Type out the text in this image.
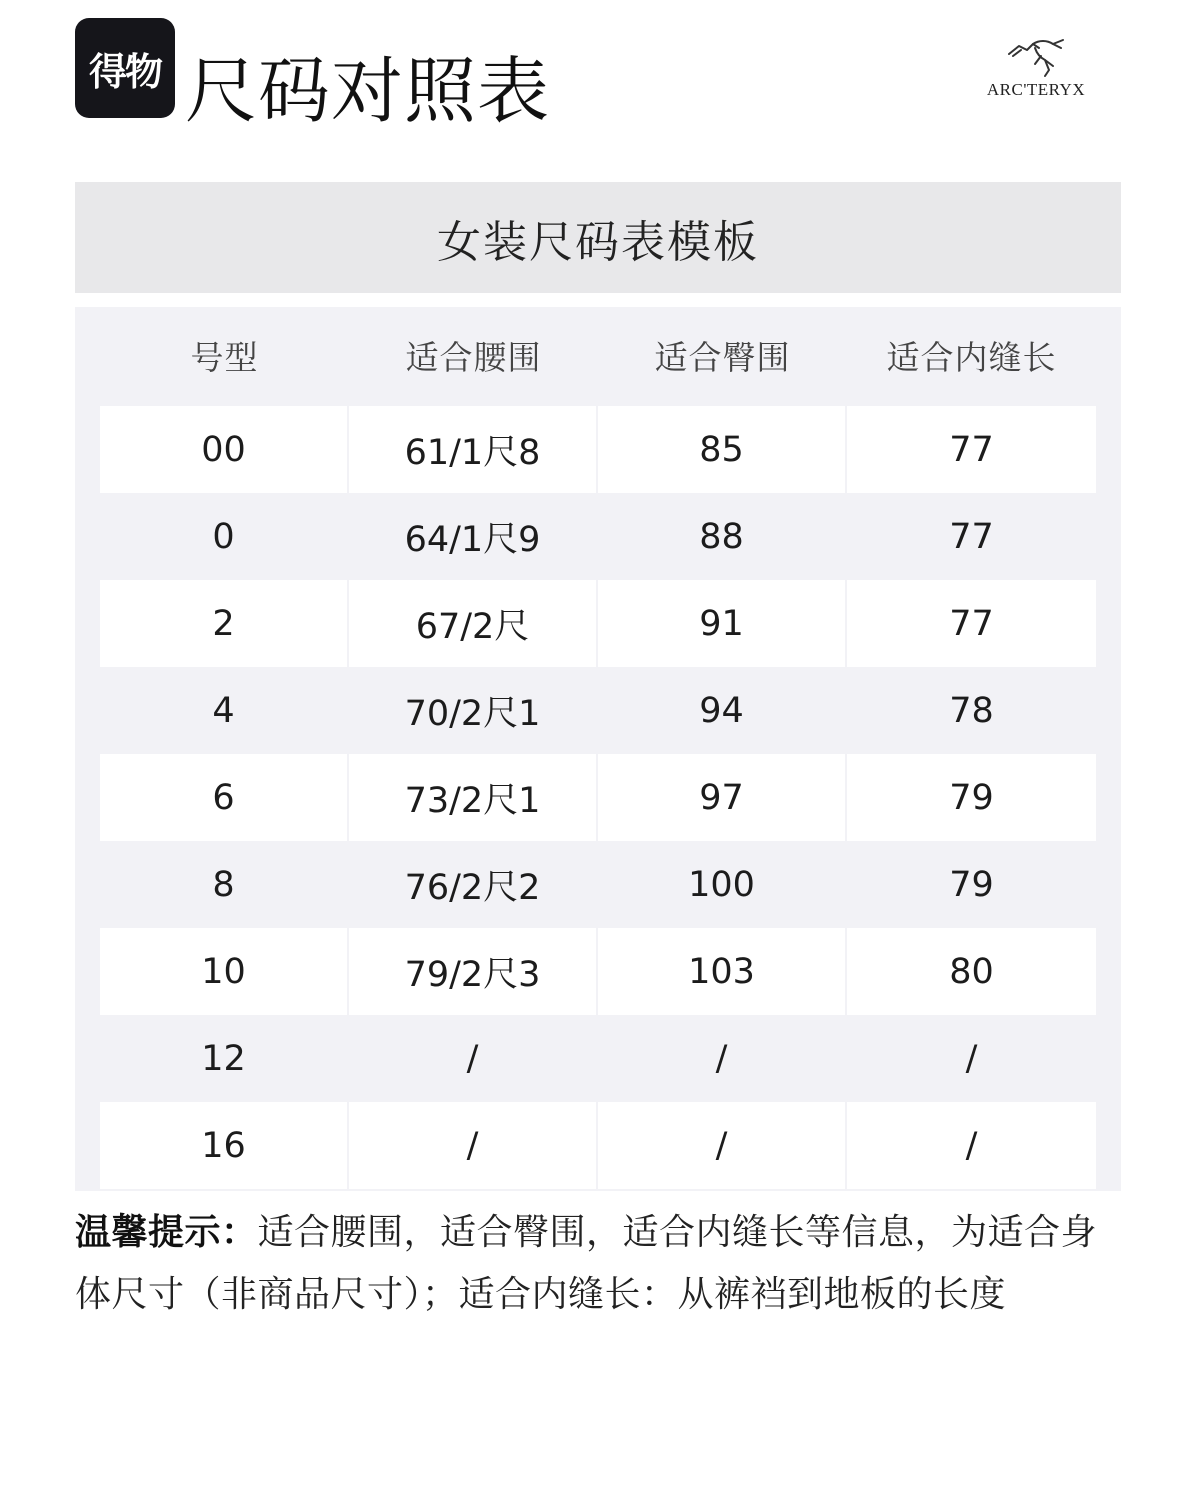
得物 尺码对照表	ARC'TERYX
女装尺码表模板
号型	适合腰围	适合臀围	适合内缝长
00	61/1尺8	85	77
0	64/1尺9	88	77
2	67/2尺	91	77
4	70/2尺1	94	78
6	73/2尺1	97	79
8	76/2尺2	100	79
10	79/2尺3	103	80
12	/	/	/
16	/	/	/
温馨提示：适合腰围，适合臀围，适合内缝长等信息，为适合身体尺寸（非商品尺寸）；适合内缝长：从裤裆到地板的长度
